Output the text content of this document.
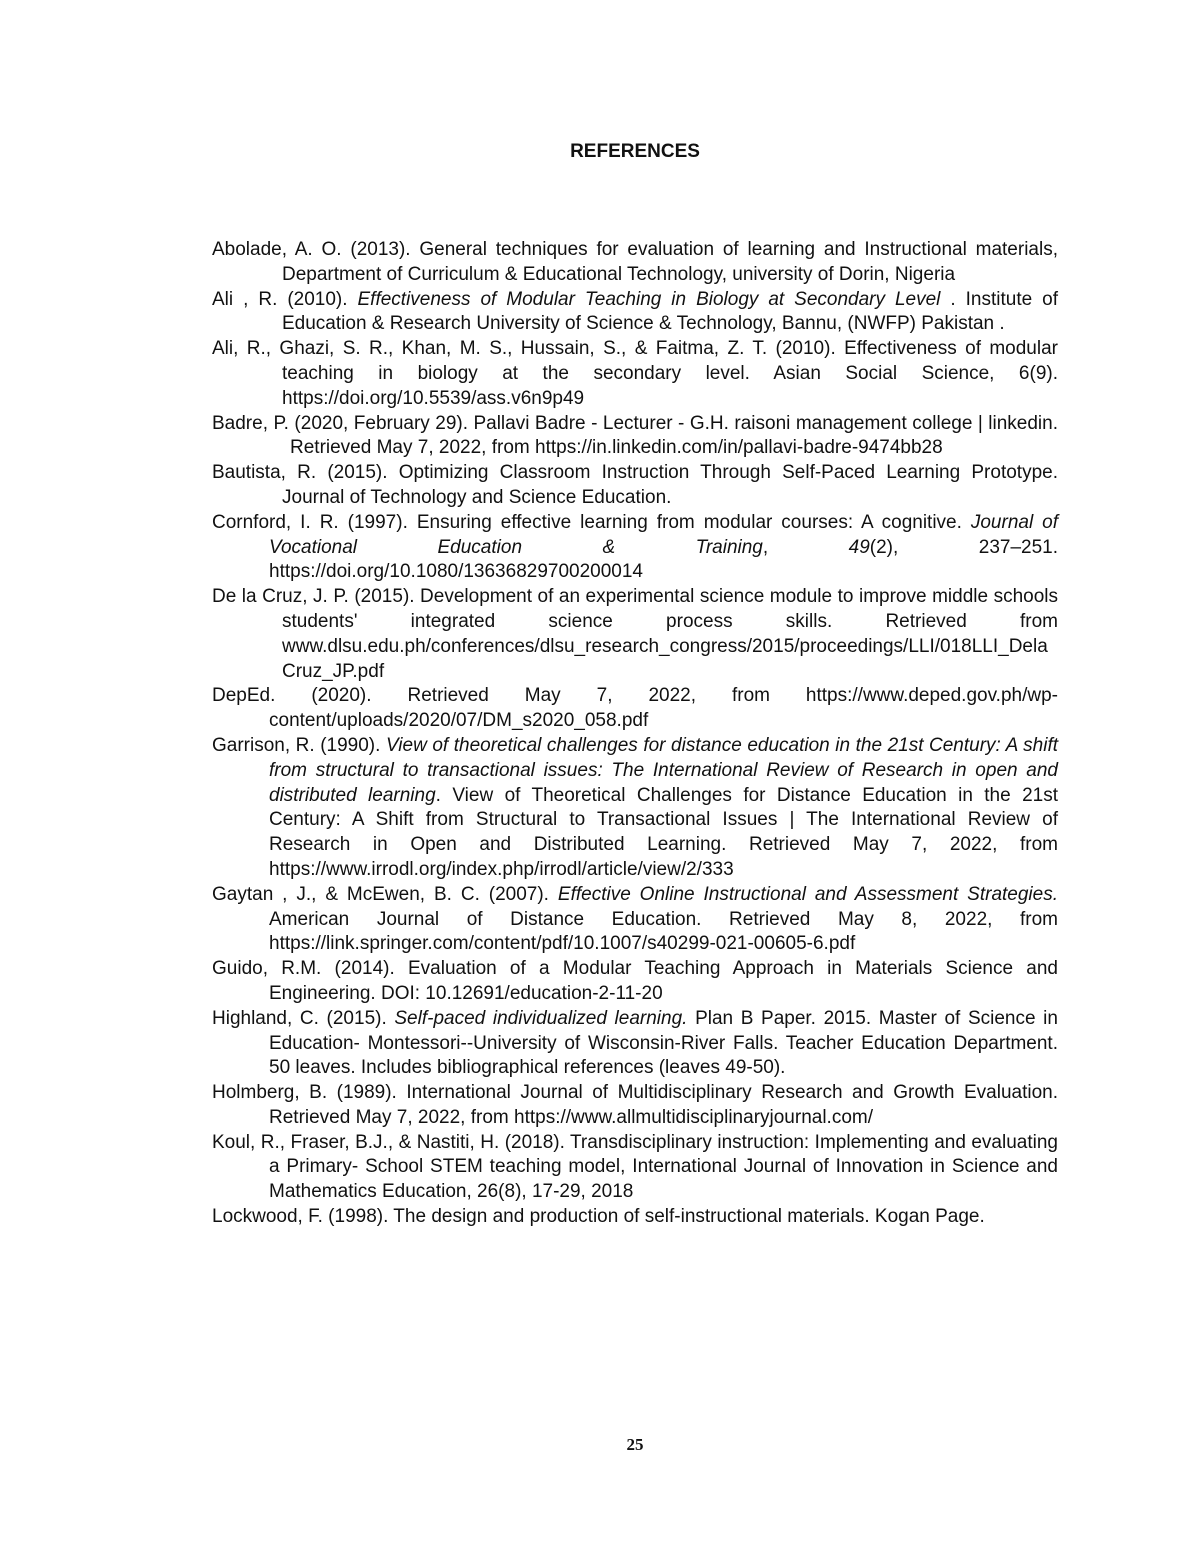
REFERENCES

Abolade, A. O. (2013). General techniques for evaluation of learning and Instructional materials, Department of Curriculum & Educational Technology, university of Dorin, Nigeria

Ali , R. (2010). Effectiveness of Modular Teaching in Biology at Secondary Level . Institute of Education & Research University of Science & Technology, Bannu, (NWFP) Pakistan .

Ali, R., Ghazi, S. R., Khan, M. S., Hussain, S., & Faitma, Z. T. (2010). Effectiveness of modular teaching in biology at the secondary level. Asian Social Science, 6(9). https://doi.org/10.5539/ass.v6n9p49

Badre, P. (2020, February 29). Pallavi Badre - Lecturer - G.H. raisoni management college | linkedin. Retrieved May 7, 2022, from https://in.linkedin.com/in/pallavi-badre-9474bb28

Bautista, R. (2015). Optimizing Classroom Instruction Through Self-Paced Learning Prototype. Journal of Technology and Science Education.

Cornford, I. R. (1997). Ensuring effective learning from modular courses: A cognitive. Journal of Vocational Education & Training, 49(2), 237–251. https://doi.org/10.1080/13636829700200014

De la Cruz, J. P. (2015). Development of an experimental science module to improve middle schools students' integrated science process skills. Retrieved from www.dlsu.edu.ph/conferences/dlsu_research_congress/2015/proceedings/LLI/018LLI_DelaCruz_JP.pdf

DepEd. (2020). Retrieved May 7, 2022, from https://www.deped.gov.ph/wp-content/uploads/2020/07/DM_s2020_058.pdf

Garrison, R. (1990). View of theoretical challenges for distance education in the 21st Century: A shift from structural to transactional issues: The International Review of Research in open and distributed learning. View of Theoretical Challenges for Distance Education in the 21st Century: A Shift from Structural to Transactional Issues | The International Review of Research in Open and Distributed Learning. Retrieved May 7, 2022, from https://www.irrodl.org/index.php/irrodl/article/view/2/333

Gaytan , J., & McEwen, B. C. (2007). Effective Online Instructional and Assessment Strategies. American Journal of Distance Education. Retrieved May 8, 2022, from https://link.springer.com/content/pdf/10.1007/s40299-021-00605-6.pdf

Guido, R.M. (2014). Evaluation of a Modular Teaching Approach in Materials Science and Engineering. DOI: 10.12691/education-2-11-20

Highland, C. (2015). Self-paced individualized learning. Plan B Paper. 2015. Master of Science in Education- Montessori--University of Wisconsin-River Falls. Teacher Education Department. 50 leaves. Includes bibliographical references (leaves 49-50).

Holmberg, B. (1989). International Journal of Multidisciplinary Research and Growth Evaluation. Retrieved May 7, 2022, from https://www.allmultidisciplinaryjournal.com/

Koul, R., Fraser, B.J., & Nastiti, H. (2018). Transdisciplinary instruction: Implementing and evaluating a Primary- School STEM teaching model, International Journal of Innovation in Science and Mathematics Education, 26(8), 17-29, 2018

Lockwood, F. (1998). The design and production of self-instructional materials. Kogan Page.

25
